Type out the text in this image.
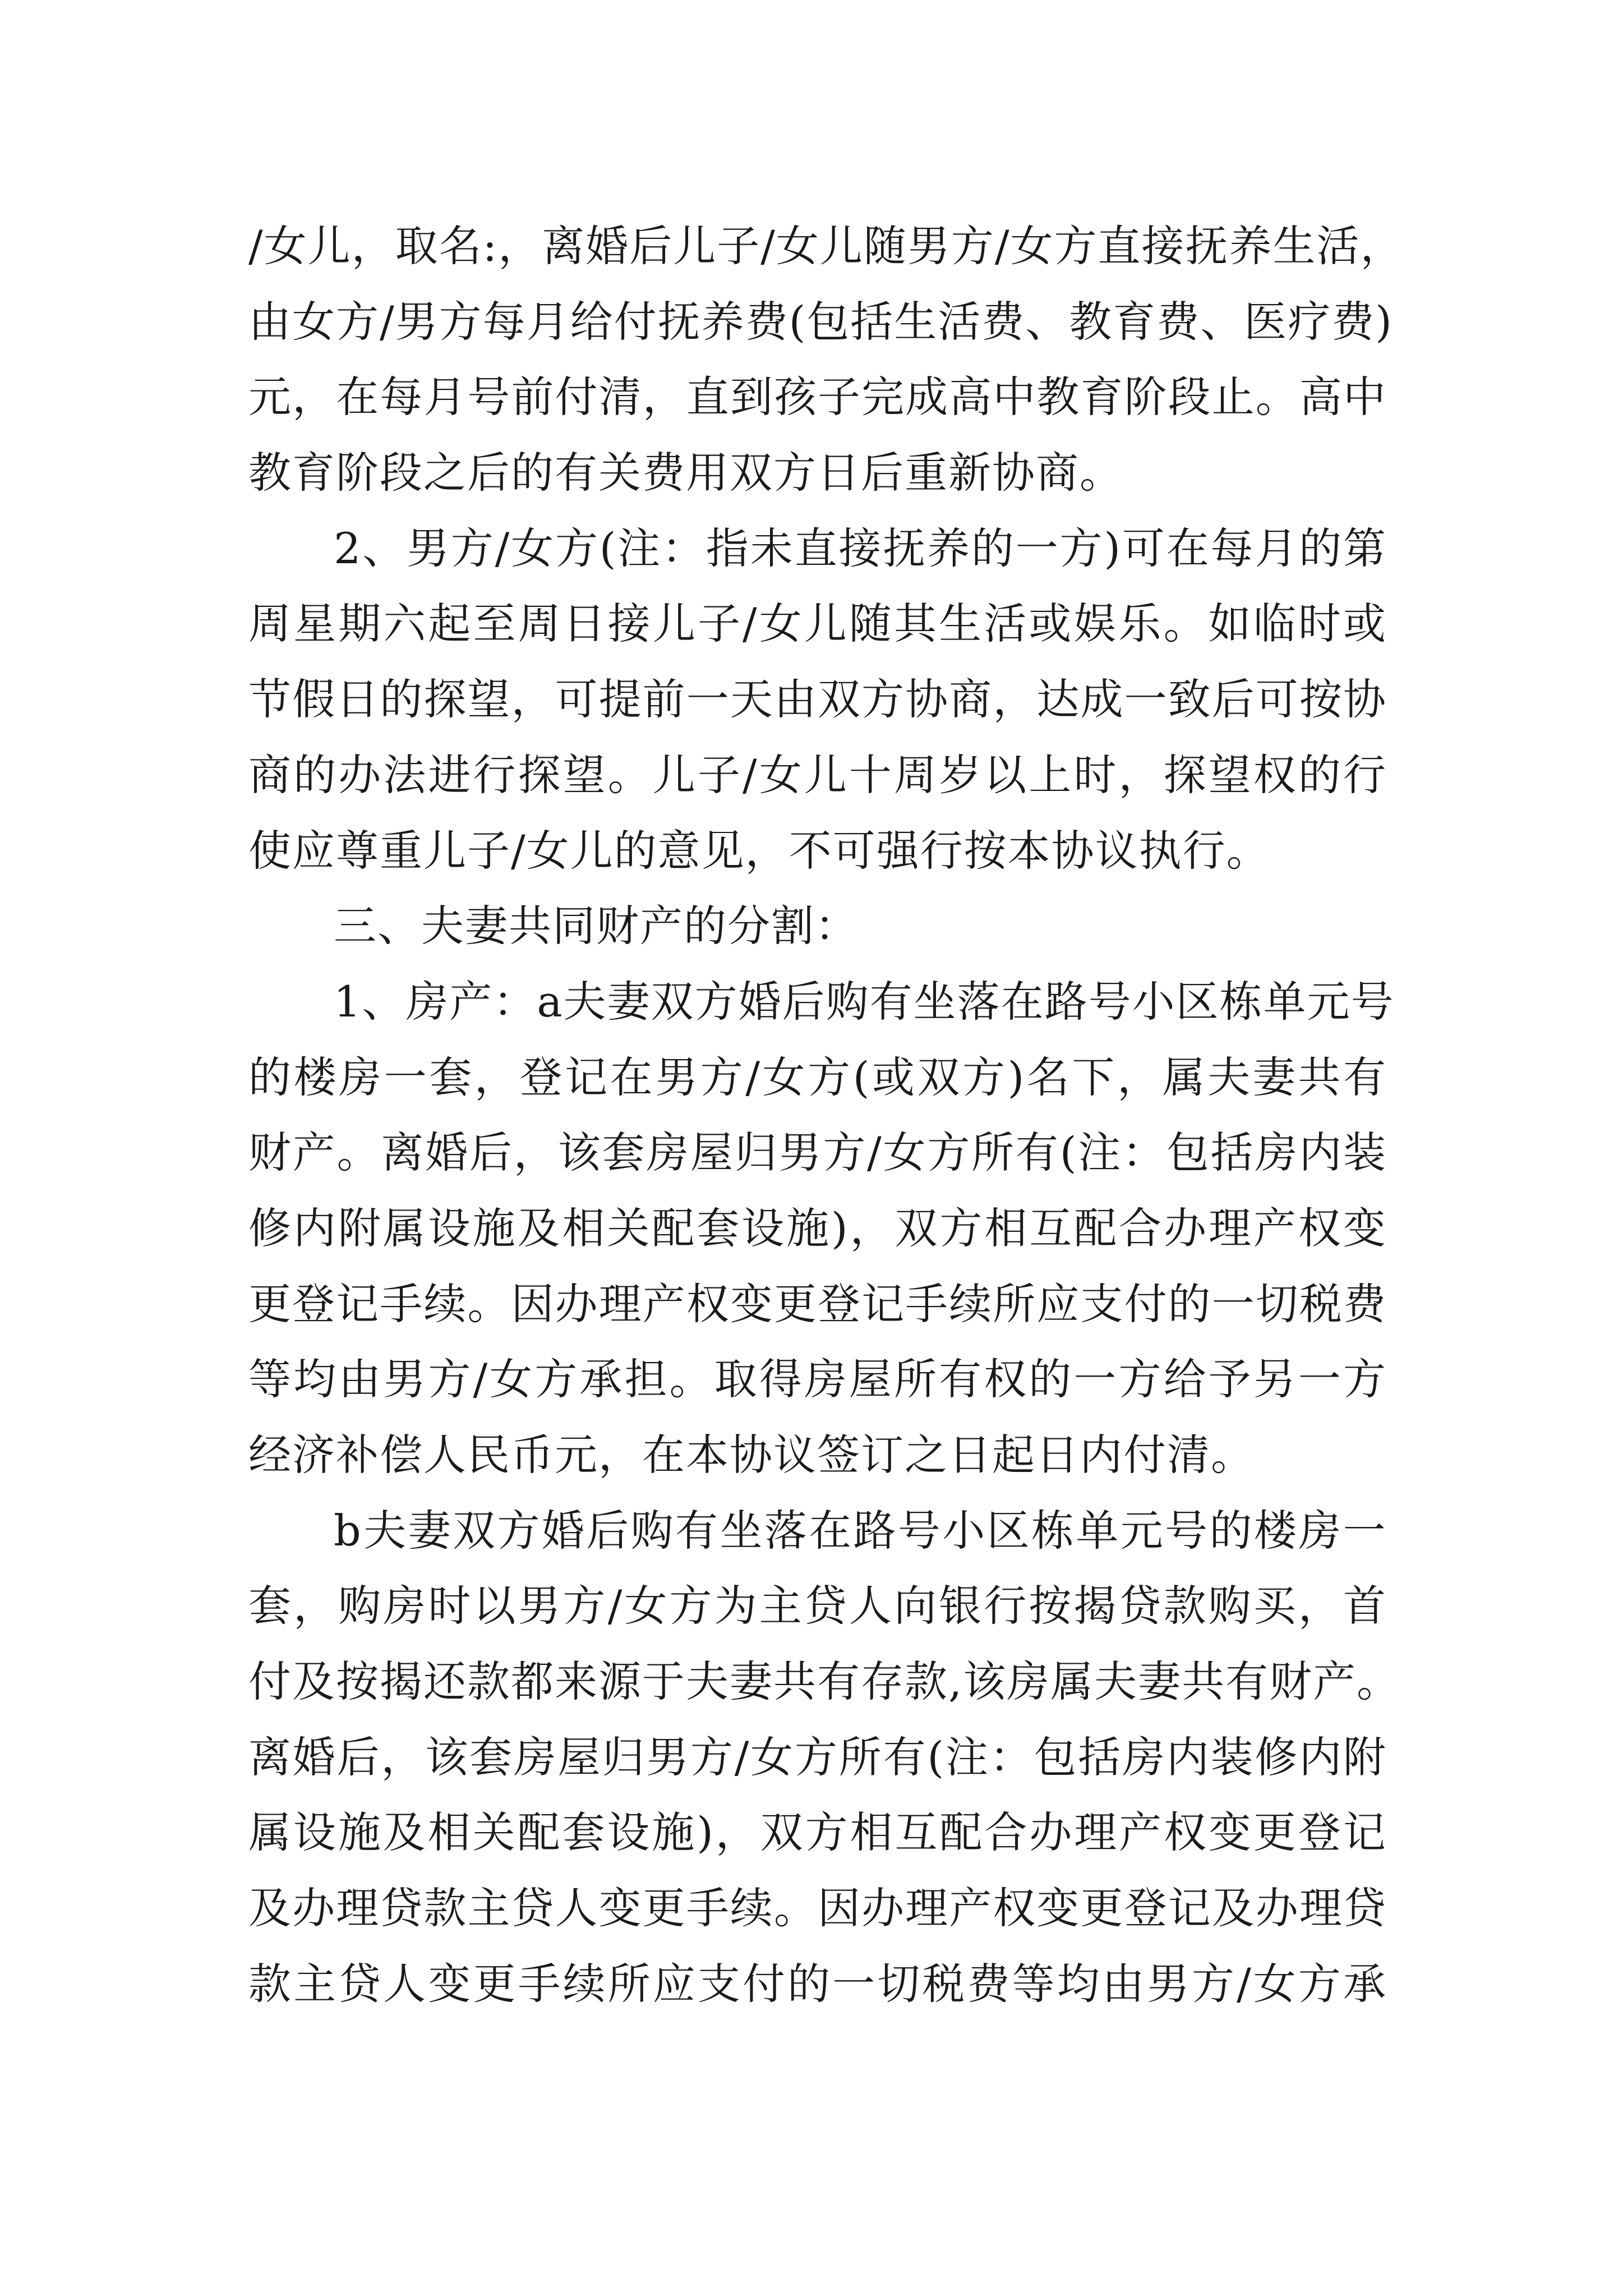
/ 女 儿 ， 取 名 : ， 离 婚 后 儿 子 / 女 儿 随 男 方 / 女 方 直 接 抚 养 生 活 ，
由 女 方 / 男 方 每 月 给 付 抚 养 费 ( 包 括 生 活 费 、 教 育 费 、 医 疗 费 )
元 ， 在 每 月 号 前 付 清 ， 直 到 孩 子 完 成 高 中 教 育 阶 段 止 。 高 中
教育阶段之后的有关费用双方日后重新协商。
2 、 男 方 / 女 方 ( 注 ： 指 未 直 接 抚 养 的 一 方 ) 可 在 每 月 的 第
周 星 期 六 起 至 周 日 接 儿 子 / 女 儿 随 其 生 活 或 娱 乐 。 如 临 时 或
节 假 日 的 探 望 ， 可 提 前 一 天 由 双 方 协 商 ， 达 成 一 致 后 可 按 协
商 的 办 法 进 行 探 望 。 儿 子 / 女 儿 十 周 岁 以 上 时 ， 探 望 权 的 行
使应尊重儿子/女儿的意见，不可强行按本协议执行。
三、夫妻共同财产的分割：
1 、 房 产 ： a 夫 妻 双 方 婚 后 购 有 坐 落 在 路 号 小 区 栋 单 元 号
的 楼 房 一 套 ， 登 记 在 男 方 / 女 方 ( 或 双 方 ) 名 下 ， 属 夫 妻 共 有
财 产 。 离 婚 后 ， 该 套 房 屋 归 男 方 / 女 方 所 有 ( 注 ： 包 括 房 内 装
修 内 附 属 设 施 及 相 关 配 套 设 施 ) ， 双 方 相 互 配 合 办 理 产 权 变
更 登 记 手 续 。 因 办 理 产 权 变 更 登 记 手 续 所 应 支 付 的 一 切 税 费
等 均 由 男 方 / 女 方 承 担 。 取 得 房 屋 所 有 权 的 一 方 给 予 另 一 方
经济补偿人民币元，在本协议签订之日起日内付清。
b 夫 妻 双 方 婚 后 购 有 坐 落 在 路 号 小 区 栋 单 元 号 的 楼 房 一
套 ， 购 房 时 以 男 方 / 女 方 为 主 贷 人 向 银 行 按 揭 贷 款 购 买 ， 首
付 及 按 揭 还 款 都 来 源 于 夫 妻 共 有 存 款 , 该 房 属 夫 妻 共 有 财 产 。
离 婚 后 ， 该 套 房 屋 归 男 方 / 女 方 所 有 ( 注 ： 包 括 房 内 装 修 内 附
属 设 施 及 相 关 配 套 设 施 ) ， 双 方 相 互 配 合 办 理 产 权 变 更 登 记
及 办 理 贷 款 主 贷 人 变 更 手 续 。 因 办 理 产 权 变 更 登 记 及 办 理 贷
款 主 贷 人 变 更 手 续 所 应 支 付 的 一 切 税 费 等 均 由 男 方 / 女 方 承
